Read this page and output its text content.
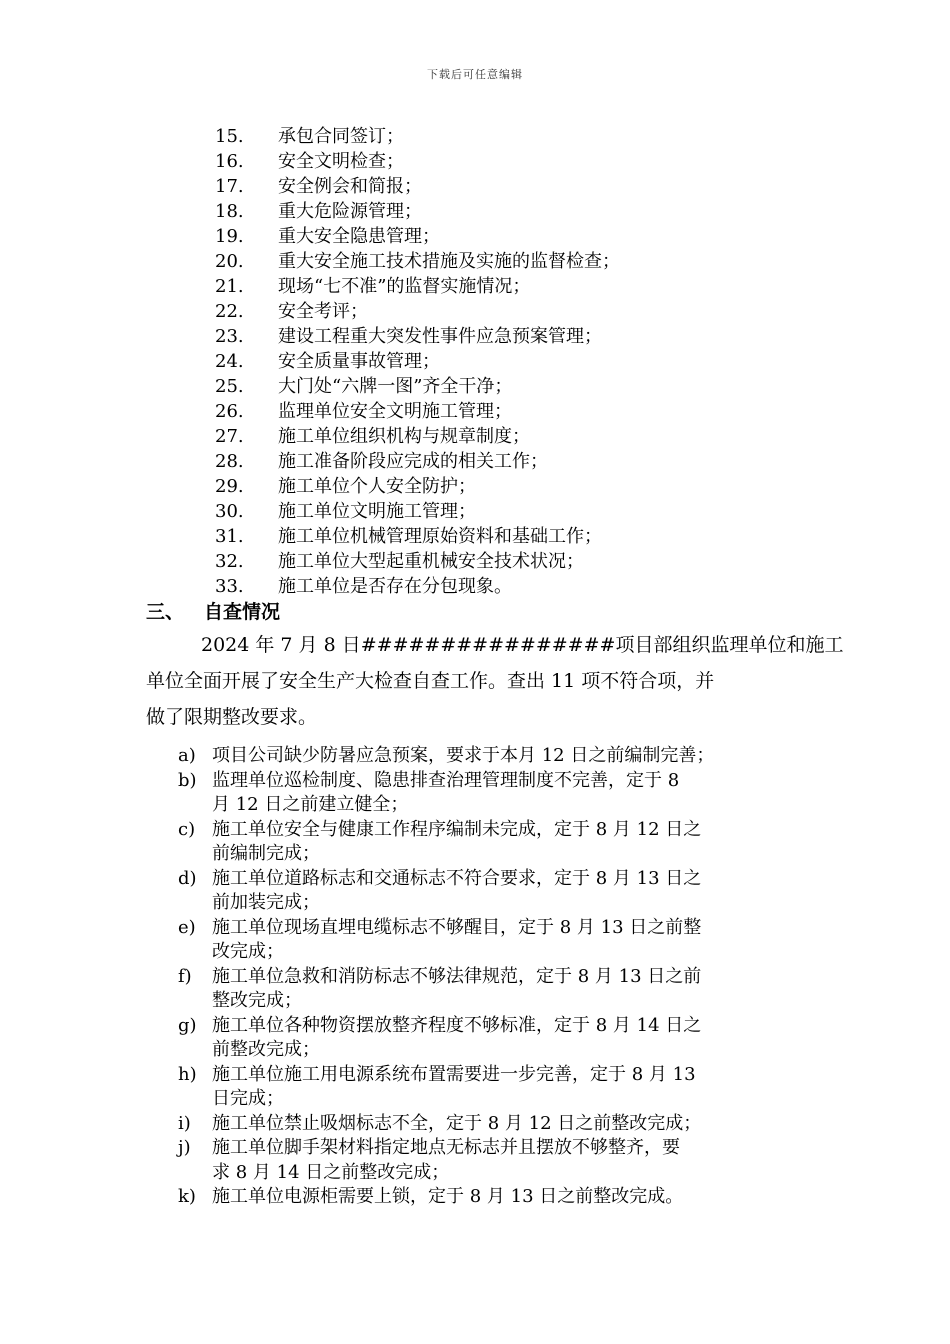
下载后可任意编辑
15. 承包合同签订；
16. 安全文明检查；
17. 安全例会和简报；
18. 重大危险源管理；
19. 重大安全隐患管理；
20. 重大安全施工技术措施及实施的监督检查；
21. 现场“七不准”的监督实施情况；
22. 安全考评；
23. 建设工程重大突发性事件应急预案管理；
24. 安全质量事故管理；
25. 大门处“六牌一图”齐全干净；
26. 监理单位安全文明施工管理；
27. 施工单位组织机构与规章制度；
28. 施工准备阶段应完成的相关工作；
29. 施工单位个人安全防护；
30. 施工单位文明施工管理；
31. 施工单位机械管理原始资料和基础工作；
32. 施工单位大型起重机械安全技术状况；
33. 施工单位是否存在分包现象。
三、 自查情况
2024 年 7 月 8 日################项目部组织监理单位和施工
单位全面开展了安全生产大检查自查工作。查出 11 项不符合项，并
做了限期整改要求。
a) 项目公司缺少防暑应急预案，要求于本月 12 日之前编制完善；
b) 监理单位巡检制度、隐患排查治理管理制度不完善，定于 8
月 12 日之前建立健全；
c) 施工单位安全与健康工作程序编制未完成，定于 8 月 12 日之
前编制完成；
d) 施工单位道路标志和交通标志不符合要求，定于 8 月 13 日之
前加装完成；
e) 施工单位现场直埋电缆标志不够醒目，定于 8 月 13 日之前整
改完成；
f) 施工单位急救和消防标志不够法律规范，定于 8 月 13 日之前
整改完成；
g) 施工单位各种物资摆放整齐程度不够标准，定于 8 月 14 日之
前整改完成；
h) 施工单位施工用电源系统布置需要进一步完善，定于 8 月 13
日完成；
i) 施工单位禁止吸烟标志不全，定于 8 月 12 日之前整改完成；
j) 施工单位脚手架材料指定地点无标志并且摆放不够整齐，要
求 8 月 14 日之前整改完成；
k) 施工单位电源柜需要上锁，定于 8 月 13 日之前整改完成。
